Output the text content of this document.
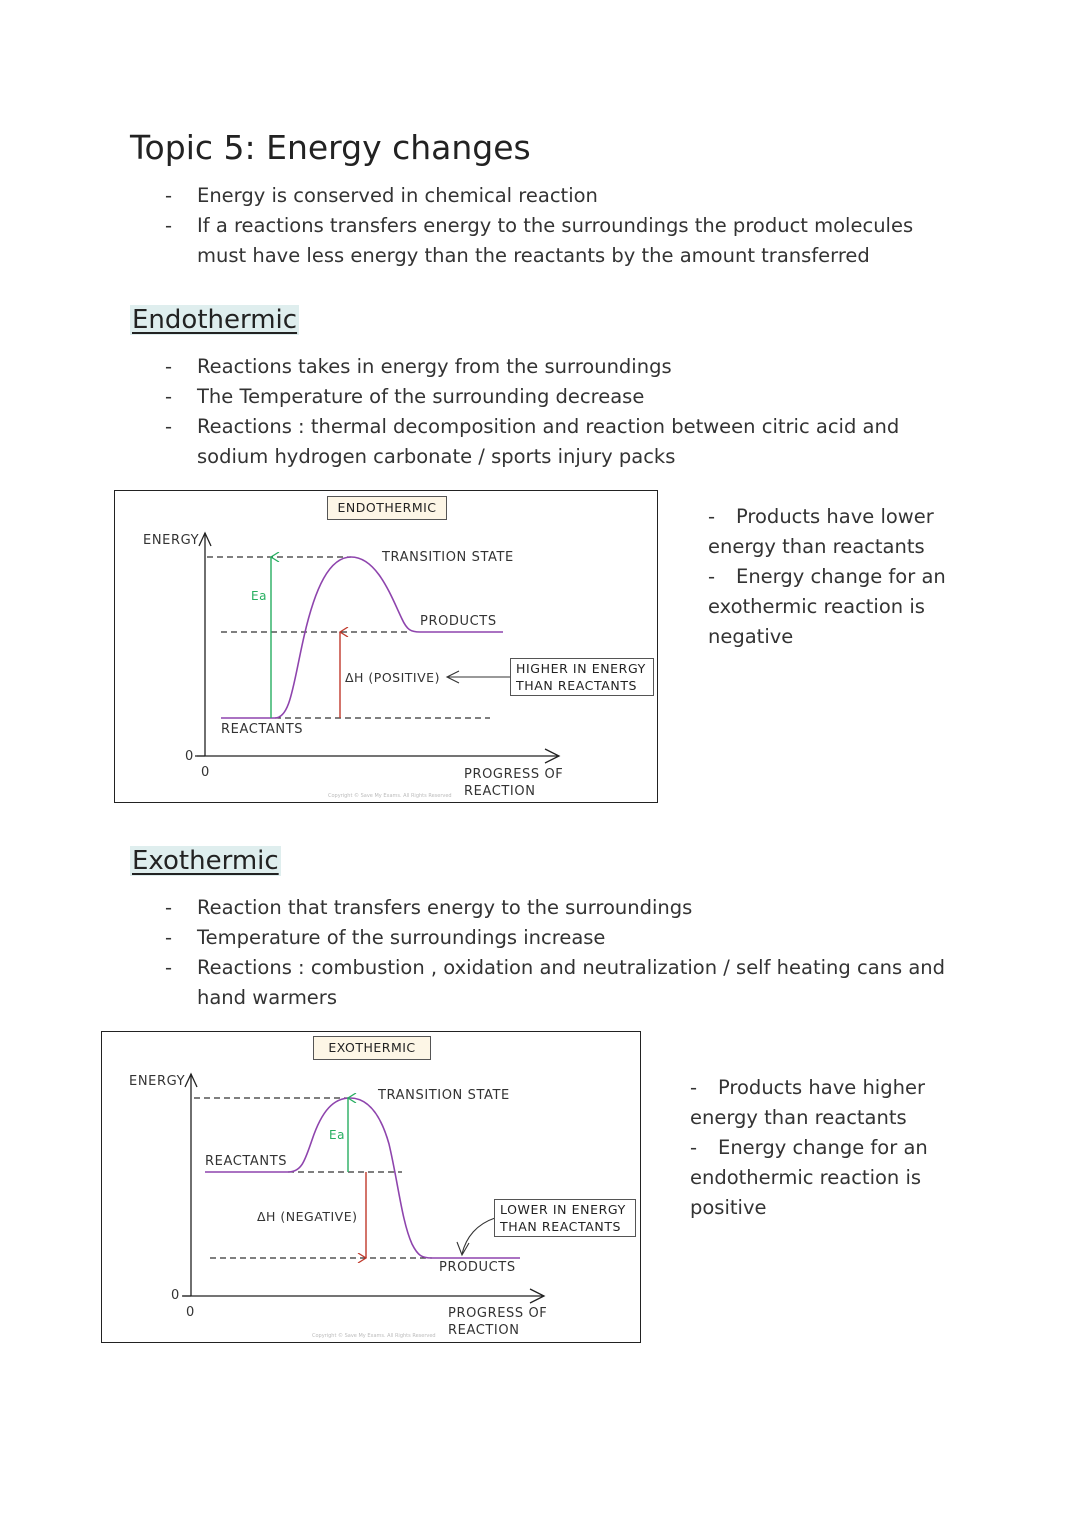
Topic 5: Energy changes
- Energy is conserved in chemical reaction
- If a reactions transfers energy to the surroundings the product molecules must have less energy than the reactants by the amount transferred
Endothermic
- Reactions takes in energy from the surroundings
- The Temperature of the surrounding decrease
- Reactions : thermal decomposition and reaction between citric acid and sodium hydrogen carbonate / sports injury packs
ENDOTHERMIC
ENERGY
TRANSITION STATE
PRODUCTS
REACTANTS
Ea
ΔH (POSITIVE)
HIGHER IN ENERGY
THAN REACTANTS
PROGRESS OF
REACTION
0
0
Copyright © Save My Exams. All Rights Reserved
- Products have lower energy than reactants
- Energy change for an exothermic reaction is negative
Exothermic
- Reaction that transfers energy to the surroundings
- Temperature of the surroundings increase
- Reactions : combustion , oxidation and neutralization / self heating cans and hand warmers
EXOTHERMIC
ENERGY
TRANSITION STATE
REACTANTS
Ea
ΔH (NEGATIVE)	LOWER IN ENERGY
THAN REACTANTS
PRODUCTS
PROGRESS OF
REACTION
0
0
Copyright © Save My Exams. All Rights Reserved
- Products have higher energy than reactants
- Energy change for an endothermic reaction is positive
